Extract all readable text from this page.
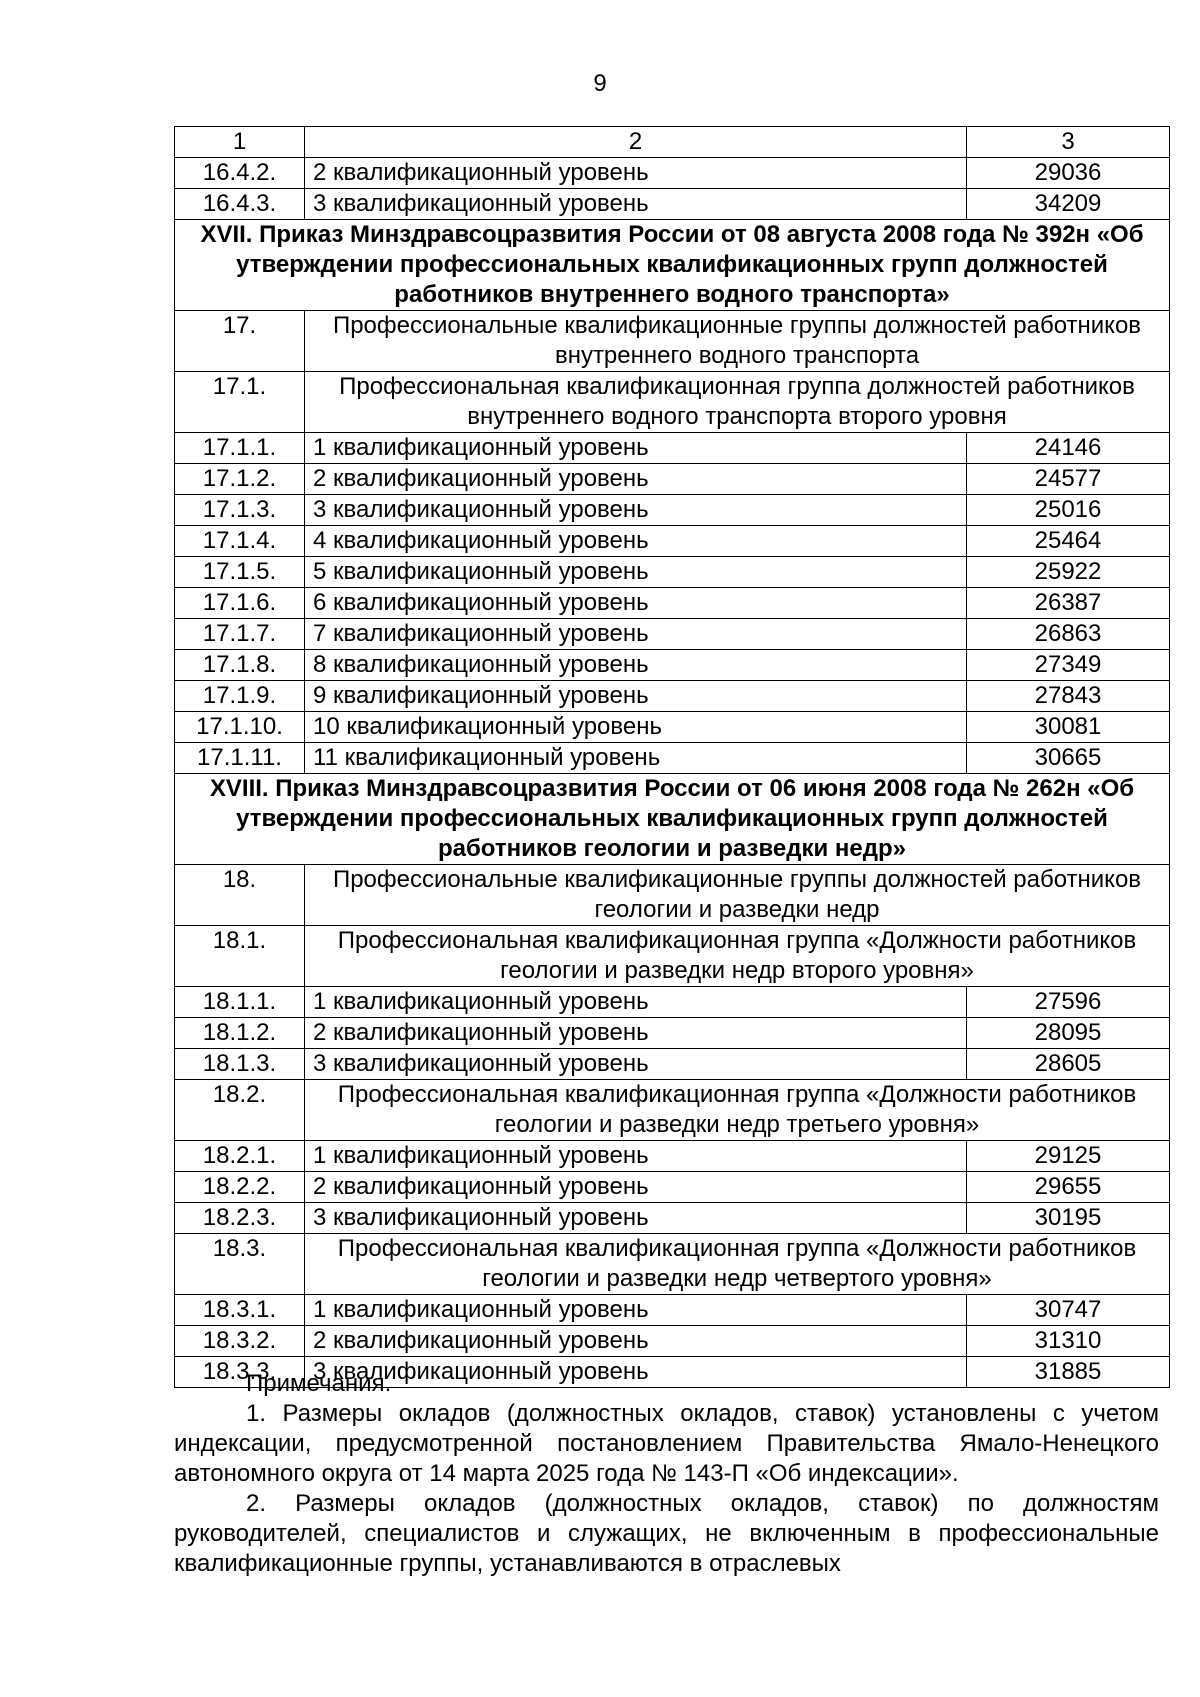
9
1	2	3
16.4.2.	2 квалификационный уровень	29036
16.4.3.	3 квалификационный уровень	34209
XVII. Приказ Минздравсоцразвития России от 08 августа 2008 года № 392н «Об утверждении профессиональных квалификационных групп должностей работников внутреннего водного транспорта»		
17.	Профессиональные квалификационные группы должностей работников внутреннего водного транспорта	
17.1.	Профессиональная квалификационная группа должностей работников внутреннего водного транспорта второго уровня	
17.1.1.	1 квалификационный уровень	24146
17.1.2.	2 квалификационный уровень	24577
17.1.3.	3 квалификационный уровень	25016
17.1.4.	4 квалификационный уровень	25464
17.1.5.	5 квалификационный уровень	25922
17.1.6.	6 квалификационный уровень	26387
17.1.7.	7 квалификационный уровень	26863
17.1.8.	8 квалификационный уровень	27349
17.1.9.	9 квалификационный уровень	27843
17.1.10.	10 квалификационный уровень	30081
17.1.11.	11 квалификационный уровень	30665
XVIII. Приказ Минздравсоцразвития России от 06 июня 2008 года № 262н «Об утверждении профессиональных квалификационных групп должностей работников геологии и разведки недр»		
18.	Профессиональные квалификационные группы должностей работников геологии и разведки недр	
18.1.	Профессиональная квалификационная группа «Должности работников геологии и разведки недр второго уровня»	
18.1.1.	1 квалификационный уровень	27596
18.1.2.	2 квалификационный уровень	28095
18.1.3.	3 квалификационный уровень	28605
18.2.	Профессиональная квалификационная группа «Должности работников геологии и разведки недр третьего уровня»	
18.2.1.	1 квалификационный уровень	29125
18.2.2.	2 квалификационный уровень	29655
18.2.3.	3 квалификационный уровень	30195
18.3.	Профессиональная квалификационная группа «Должности работников геологии и разведки недр четвертого уровня»	
18.3.1.	1 квалификационный уровень	30747
18.3.2.	2 квалификационный уровень	31310
18.3.3.	3 квалификационный уровень	31885

Примечания.

1. Размеры окладов (должностных окладов, ставок) установлены с учетом индексации, предусмотренной постановлением Правительства Ямало-Ненецкого автономного округа от 14 марта 2025 года № 143-П «Об индексации».

2. Размеры окладов (должностных окладов, ставок) по должностям руководителей, специалистов и служащих, не включенным в профессиональные квалификационные группы, устанавливаются в отраслевых
